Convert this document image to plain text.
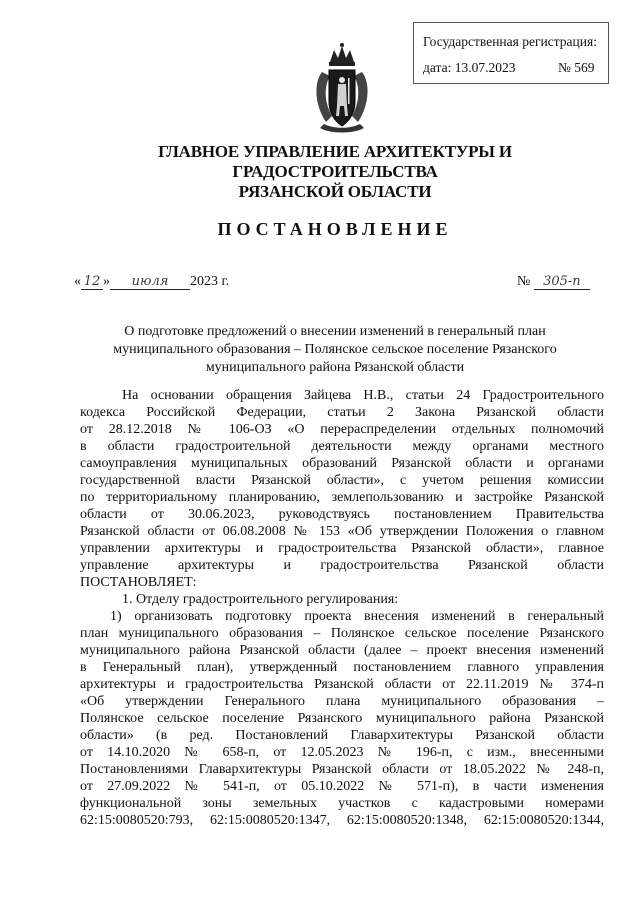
Государственная регистрация:
дата: 13.07.2023	№ 569
ГЛАВНОЕ УПРАВЛЕНИЕ АРХИТЕКТУРЫ И ГРАДОСТРОИТЕЛЬСТВА
РЯЗАНСКОЙ ОБЛАСТИ
ПОСТАНОВЛЕНИЕ
« 12 » июля 2023 г.	№ 305-п
О подготовке предложений о внесении изменений в генеральный план
муниципального образования – Полянское сельское поселение Рязанского
муниципального района Рязанской области
На основании обращения Зайцева Н.В., статьи 24 Градостроительного
кодекса Российской Федерации, статьи 2 Закона Рязанской области
от 28.12.2018 № 106-ОЗ «О перераспределении отдельных полномочий
в области градостроительной деятельности между органами местного
самоуправления муниципальных образований Рязанской области и органами
государственной власти Рязанской области», с учетом решения комиссии
по территориальному планированию, землепользованию и застройке Рязанской
области от 30.06.2023, руководствуясь постановлением Правительства
Рязанской области от 06.08.2008 № 153 «Об утверждении Положения о главном
управлении архитектуры и градостроительства Рязанской области», главное
управление архитектуры и градостроительства Рязанской области
ПОСТАНОВЛЯЕТ:
1. Отделу градостроительного регулирования:
1) организовать подготовку проекта внесения изменений в генеральный
план муниципального образования – Полянское сельское поселение Рязанского
муниципального района Рязанской области (далее – проект внесения изменений
в Генеральный план), утвержденный постановлением главного управления
архитектуры и градостроительства Рязанской области от 22.11.2019 № 374-п
«Об утверждении Генерального плана муниципального образования –
Полянское сельское поселение Рязанского муниципального района Рязанской
области» (в ред. Постановлений Главархитектуры Рязанской области
от 14.10.2020 № 658-п, от 12.05.2023 № 196-п, с изм., внесенными
Постановлениями Главархитектуры Рязанской области от 18.05.2022 № 248-п,
от 27.09.2022 № 541-п, от 05.10.2022 № 571-п), в части изменения
функциональной зоны земельных участков с кадастровыми номерами
62:15:0080520:793, 62:15:0080520:1347, 62:15:0080520:1348, 62:15:0080520:1344,
